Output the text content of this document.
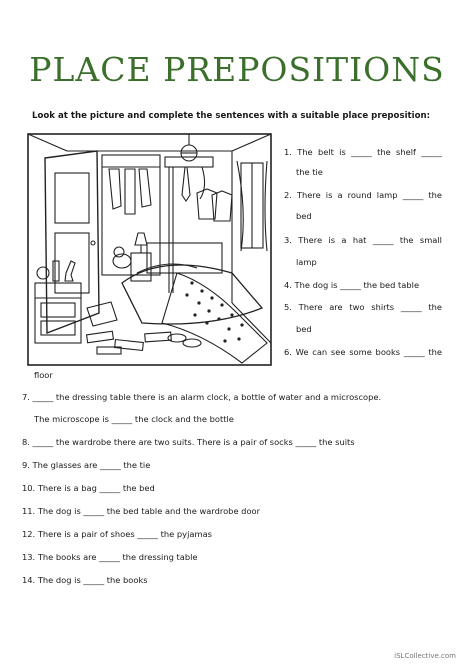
PLACE PREPOSITIONS
Look at the picture and complete the sentences with a suitable place preposition:
1. The belt is _____ the shelf _____
the tie
2. There is a round lamp _____ the
bed
3. There is a hat _____ the small
lamp
4. The dog is _____ the bed table
5. There are two shirts _____ the
bed
6. We can see some books _____ the
floor
7. _____ the dressing table there is an alarm clock, a bottle of water and a microscope.
The microscope is _____ the clock and the bottle
8. _____ the wardrobe there are two suits. There is a pair of socks _____ the suits
9. The glasses are _____ the tie
10. There is a bag _____ the bed
11. The dog is _____ the bed table and the wardrobe door
12. There is a pair of shoes _____ the pyjamas
13. The books are _____ the dressing table
14. The dog is _____ the books
iSLCollective.com
